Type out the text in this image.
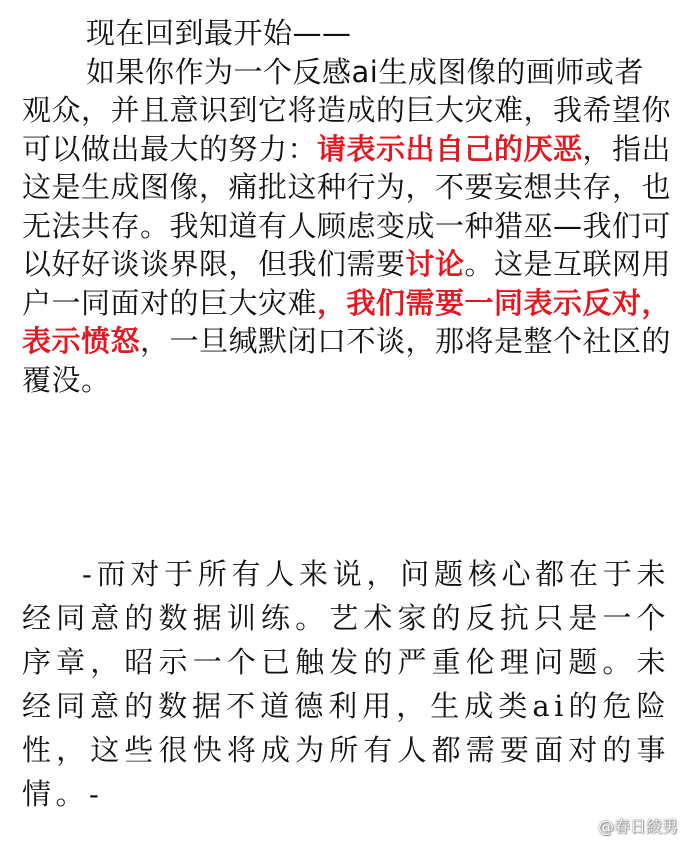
现在回到最开始——

如果你作为一个反感ai生成图像的画师或者观众，并且意识到它将造成的巨大灾难，我希望你可以做出最大的努力：请表示出自己的厌恶，指出这是生成图像，痛批这种行为，不要妄想共存，也无法共存。我知道有人顾虑变成一种猎巫—我们可以好好谈谈界限，但我们需要讨论。这是互联网用户一同面对的巨大灾难，我们需要一同表示反对，表示愤怒，一旦缄默闭口不谈，那将是整个社区的覆没。

-而对于所有人来说，问题核心都在于未经同意的数据训练。艺术家的反抗只是一个序章，昭示一个已触发的严重伦理问题。未经同意的数据不道德利用，生成类ai的危险性，这些很快将成为所有人都需要面对的事情。-

@春日綾男
